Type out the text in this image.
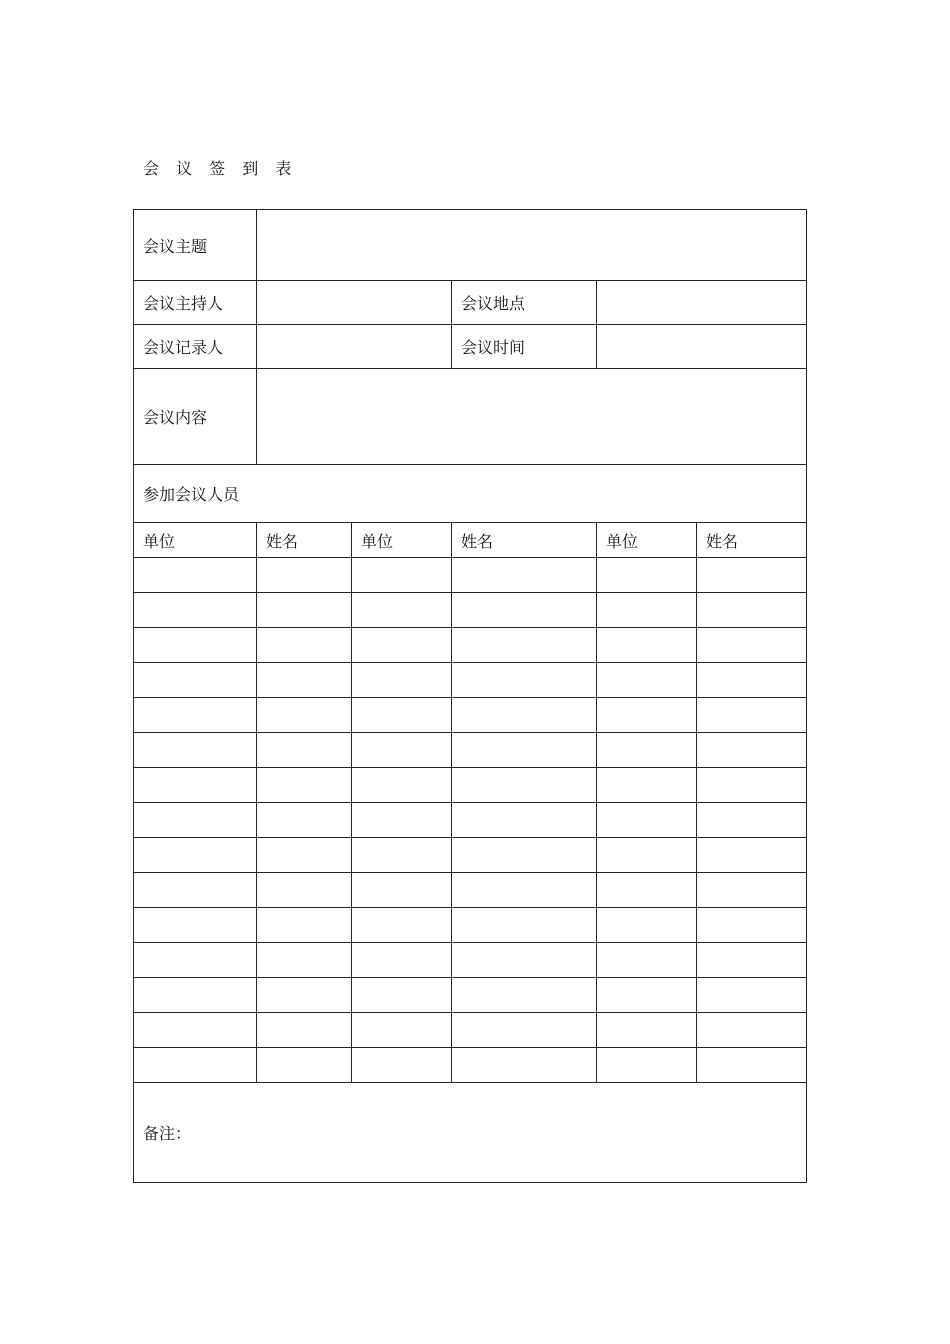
会 议 签 到 表
会议主题					
会议主持人			会议地点		
会议记录人			会议时间		
会议内容					
参加会议人员					
单位	姓名	单位	姓名	单位	姓名

备注：					
